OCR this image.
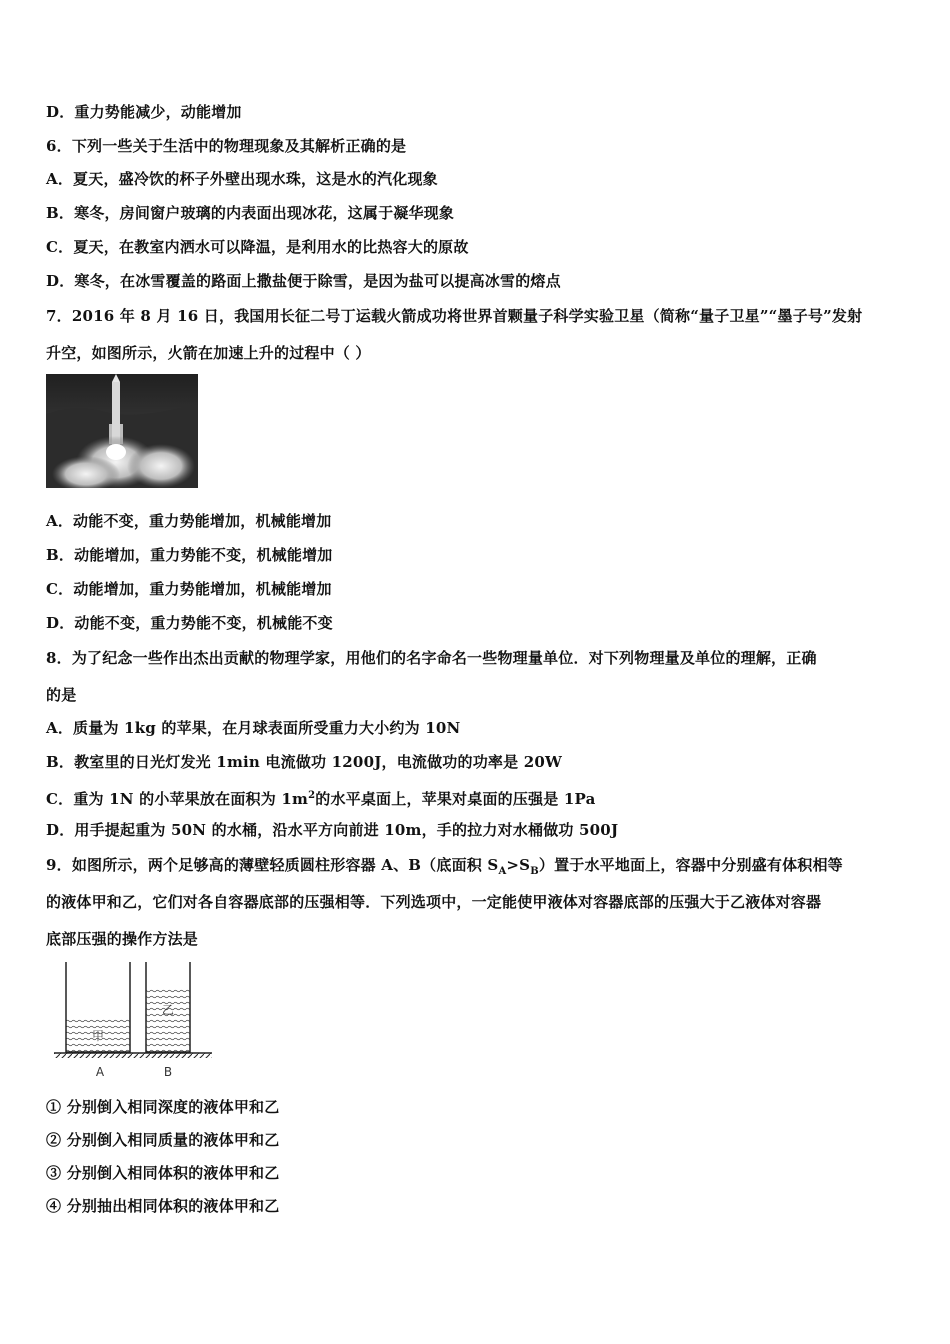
D．重力势能减少，动能增加
6．下列一些关于生活中的物理现象及其解析正确的是
A．夏天，盛冷饮的杯子外壁出现水珠，这是水的汽化现象
B．寒冬，房间窗户玻璃的内表面出现冰花，这属于凝华现象
C．夏天，在教室内洒水可以降温，是利用水的比热容大的原故
D．寒冬，在冰雪覆盖的路面上撒盐便于除雪，是因为盐可以提高冰雪的熔点
7．2016 年 8 月 16 日，我国用长征二号丁运载火箭成功将世界首颗量子科学实验卫星（简称“量子卫星”“墨子号”发射
升空，如图所示，火箭在加速上升的过程中（ ）
A．动能不变，重力势能增加，机械能增加
B．动能增加，重力势能不变，机械能增加
C．动能增加，重力势能增加，机械能增加
D．动能不变，重力势能不变，机械能不变
8．为了纪念一些作出杰出贡献的物理学家，用他们的名字命名一些物理量单位．对下列物理量及单位的理解，正确
的是
A．质量为 1kg 的苹果，在月球表面所受重力大小约为 10N
B．教室里的日光灯发光 1min 电流做功 1200J，电流做功的功率是 20W
C．重为 1N 的小苹果放在面积为 $1m^2$的水平桌面上，苹果对桌面的压强是 1Pa
D．用手提起重为 50N 的水桶，沿水平方向前进 10m，手的拉力对水桶做功 500J
9．如图所示，两个足够高的薄壁轻质圆柱形容器 A、B（底面积 $S_A>S_B$）置于水平地面上，容器中分别盛有体积相等
的液体甲和乙，它们对各自容器底部的压强相等．下列选项中，一定能使甲液体对容器底部的压强大于乙液体对容器
底部压强的操作方法是
甲
乙
A	B
① 分别倒入相同深度的液体甲和乙
② 分别倒入相同质量的液体甲和乙
③ 分别倒入相同体积的液体甲和乙
④ 分别抽出相同体积的液体甲和乙
